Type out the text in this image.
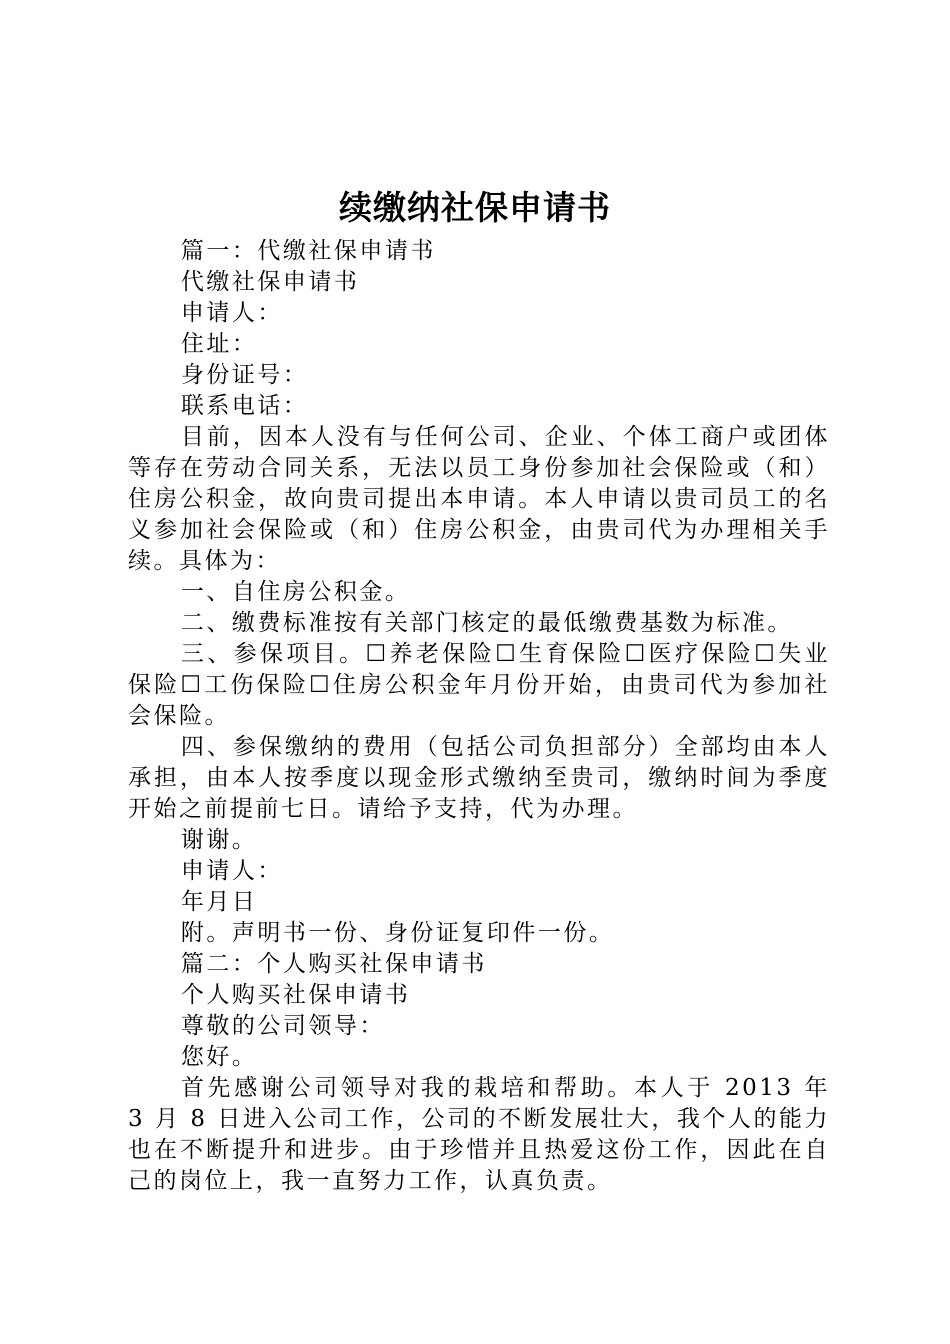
续缴纳社保申请书

篇一：代缴社保申请书

代缴社保申请书

申请人：

住址：

身份证号：

联系电话：

目前，因本人没有与任何公司、企业、个体工商户或团体等存在劳动合同关系，无法以员工身份参加社会保险或（和）住房公积金，故向贵司提出本申请。本人申请以贵司员工的名义参加社会保险或（和）住房公积金，由贵司代为办理相关手续。具体为：

一、自住房公积金。

二、缴费标准按有关部门核定的最低缴费基数为标准。

三、参保项目。☐养老保险☐生育保险☐医疗保险☐失业保险☐工伤保险☐住房公积金年月份开始，由贵司代为参加社会保险。

四、参保缴纳的费用（包括公司负担部分）全部均由本人承担，由本人按季度以现金形式缴纳至贵司，缴纳时间为季度开始之前提前七日。请给予支持，代为办理。

谢谢。

申请人：

年月日

附。声明书一份、身份证复印件一份。

篇二：个人购买社保申请书

个人购买社保申请书

尊敬的公司领导：

您好。

首先感谢公司领导对我的栽培和帮助。本人于 2013 年 3 月 8 日进入公司工作，公司的不断发展壮大，我个人的能力也在不断提升和进步。由于珍惜并且热爱这份工作，因此在自己的岗位上，我一直努力工作，认真负责。
